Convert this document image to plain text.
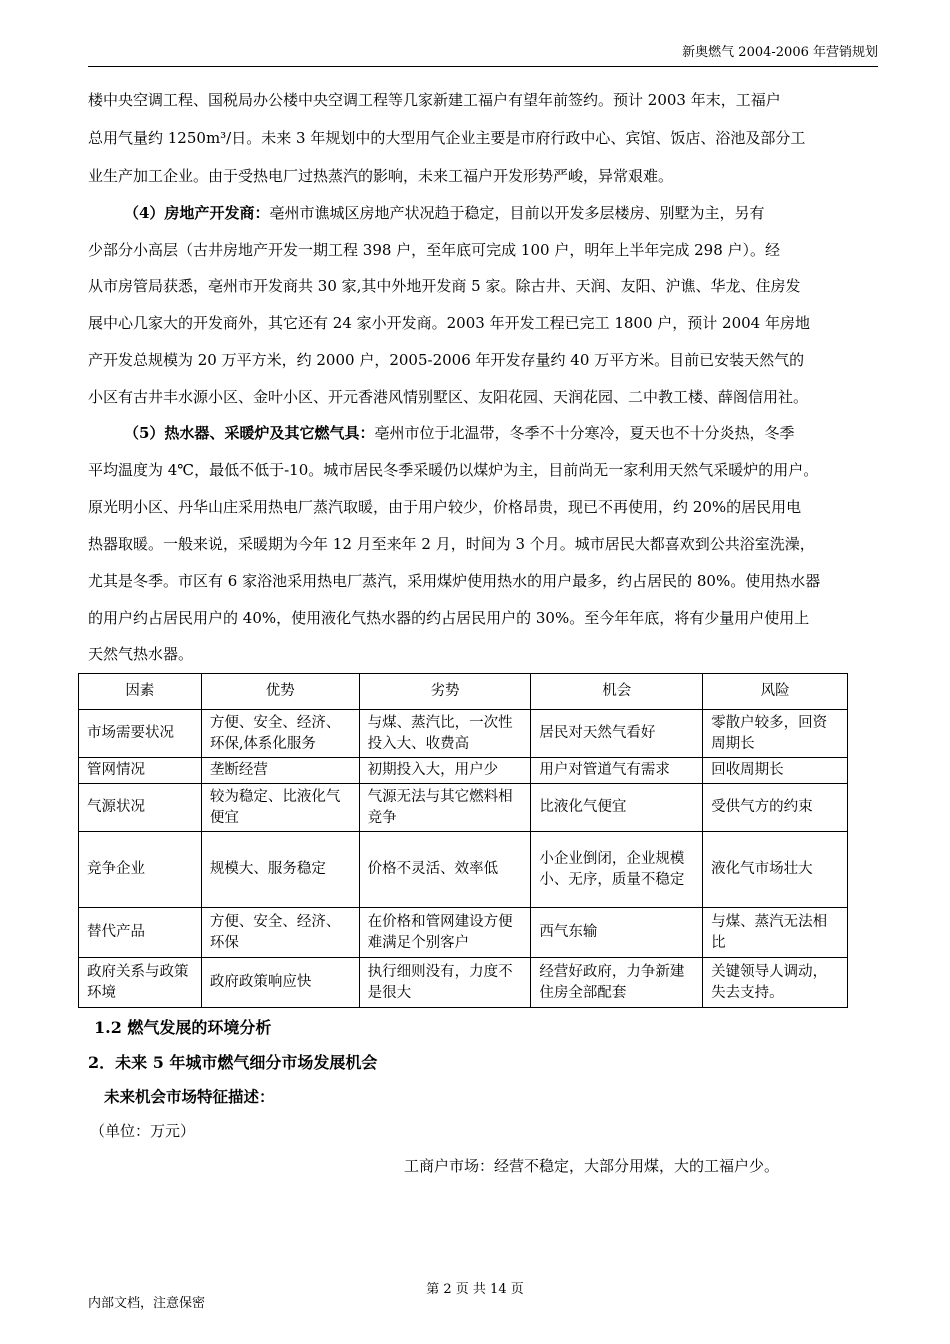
新奥燃气 2004-2006 年营销规划
楼中央空调工程、国税局办公楼中央空调工程等几家新建工福户有望年前签约。预计 2003 年末，工福户
总用气量约 1250m³/日。未来 3 年规划中的大型用气企业主要是市府行政中心、宾馆、饭店、浴池及部分工
业生产加工企业。由于受热电厂过热蒸汽的影响，未来工福户开发形势严峻，异常艰难。
（4）房地产开发商：亳州市谯城区房地产状况趋于稳定，目前以开发多层楼房、别墅为主，另有
少部分小高层（古井房地产开发一期工程 398 户，至年底可完成 100 户，明年上半年完成 298 户）。经
从市房管局获悉，亳州市开发商共 30 家,其中外地开发商 5 家。除古井、天润、友阳、沪谯、华龙、住房发
展中心几家大的开发商外，其它还有 24 家小开发商。2003 年开发工程已完工 1800 户，预计 2004 年房地
产开发总规模为 20 万平方米，约 2000 户，2005-2006 年开发存量约 40 万平方米。目前已安装天然气的
小区有古井丰水源小区、金叶小区、开元香港风情别墅区、友阳花园、天润花园、二中教工楼、薛阁信用社。
（5）热水器、采暖炉及其它燃气具：亳州市位于北温带，冬季不十分寒冷，夏天也不十分炎热，冬季
平均温度为 4℃，最低不低于-10。城市居民冬季采暖仍以煤炉为主，目前尚无一家利用天然气采暖炉的用户。
原光明小区、丹华山庄采用热电厂蒸汽取暖，由于用户较少，价格昂贵，现已不再使用，约 20%的居民用电
热器取暖。一般来说，采暖期为今年 12 月至来年 2 月，时间为 3 个月。城市居民大都喜欢到公共浴室洗澡，
尤其是冬季。市区有 6 家浴池采用热电厂蒸汽，采用煤炉使用热水的用户最多，约占居民的 80%。使用热水器
的用户约占居民用户的 40%，使用液化气热水器的约占居民用户的 30%。至今年年底，将有少量用户使用上
天然气热水器。
因素	优势	劣势	机会	风险
市场需要状况	方便、安全、经济、环保,体系化服务	与煤、蒸汽比，一次性投入大、收费高	居民对天然气看好	零散户较多，回资周期长
管网情况	垄断经营	初期投入大，用户少	用户对管道气有需求	回收周期长
气源状况	较为稳定、比液化气便宜	气源无法与其它燃料相竞争	比液化气便宜	受供气方的约束
竞争企业	规模大、服务稳定	价格不灵活、效率低	小企业倒闭，企业规模小、无序，质量不稳定	液化气市场壮大
替代产品	方便、安全、经济、环保	在价格和管网建设方便难满足个别客户	西气东输	与煤、蒸汽无法相比
政府关系与政策环境	政府政策响应快	执行细则没有，力度不是很大	经营好政府，力争新建住房全部配套	关键领导人调动，失去支持。
1.2 燃气发展的环境分析
2．未来 5 年城市燃气细分市场发展机会
未来机会市场特征描述：
（单位：万元）
工商户市场：经营不稳定，大部分用煤，大的工福户少。
第 2 页 共 14 页
内部文档，注意保密
